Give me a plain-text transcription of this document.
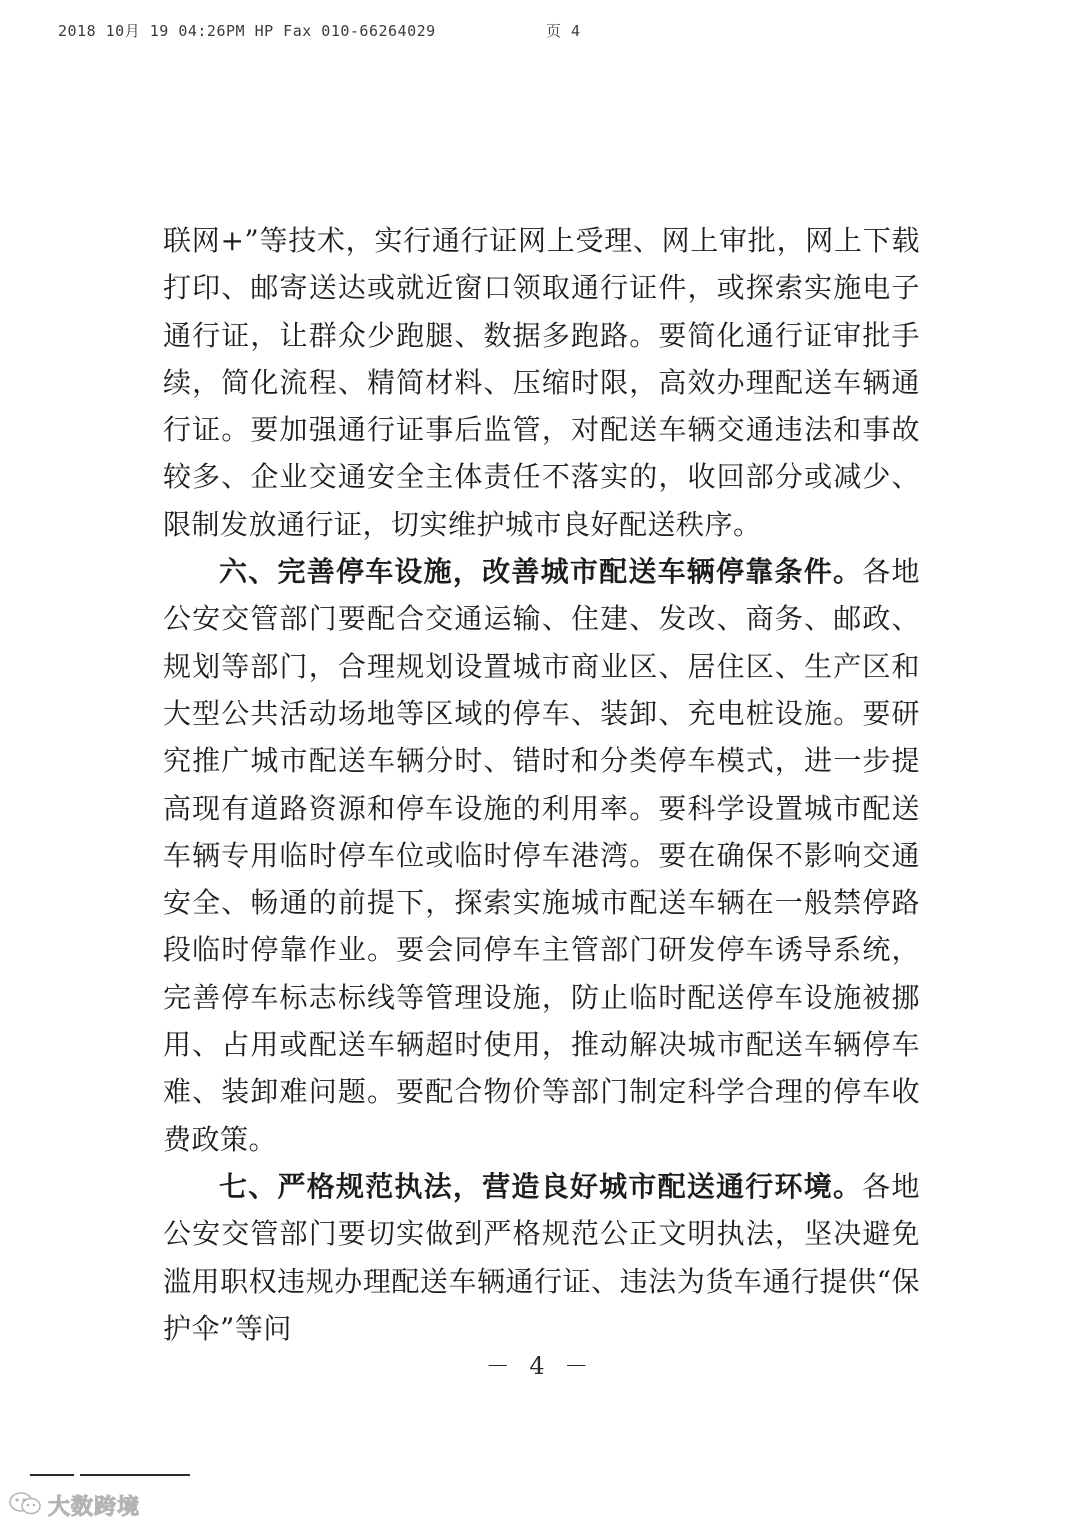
2018 10月 19 04:26PM HP Fax 010-66264029	页 4

联网+”等技术，实行通行证网上受理、网上审批，网上下载打印、邮寄送达或就近窗口领取通行证件，或探索实施电子通行证，让群众少跑腿、数据多跑路。要简化通行证审批手续，简化流程、精简材料、压缩时限，高效办理配送车辆通行证。要加强通行证事后监管，对配送车辆交通违法和事故较多、企业交通安全主体责任不落实的，收回部分或减少、限制发放通行证，切实维护城市良好配送秩序。

六、完善停车设施，改善城市配送车辆停靠条件。各地公安交管部门要配合交通运输、住建、发改、商务、邮政、规划等部门，合理规划设置城市商业区、居住区、生产区和大型公共活动场地等区域的停车、装卸、充电桩设施。要研究推广城市配送车辆分时、错时和分类停车模式，进一步提高现有道路资源和停车设施的利用率。要科学设置城市配送车辆专用临时停车位或临时停车港湾。要在确保不影响交通安全、畅通的前提下，探索实施城市配送车辆在一般禁停路段临时停靠作业。要会同停车主管部门研发停车诱导系统，完善停车标志标线等管理设施，防止临时配送停车设施被挪用、占用或配送车辆超时使用，推动解决城市配送车辆停车难、装卸难问题。要配合物价等部门制定科学合理的停车收费政策。

七、严格规范执法，营造良好城市配送通行环境。各地公安交管部门要切实做到严格规范公正文明执法，坚决避免滥用职权违规办理配送车辆通行证、违法为货车通行提供“保护伞”等问

－ 4 －
大数跨境
